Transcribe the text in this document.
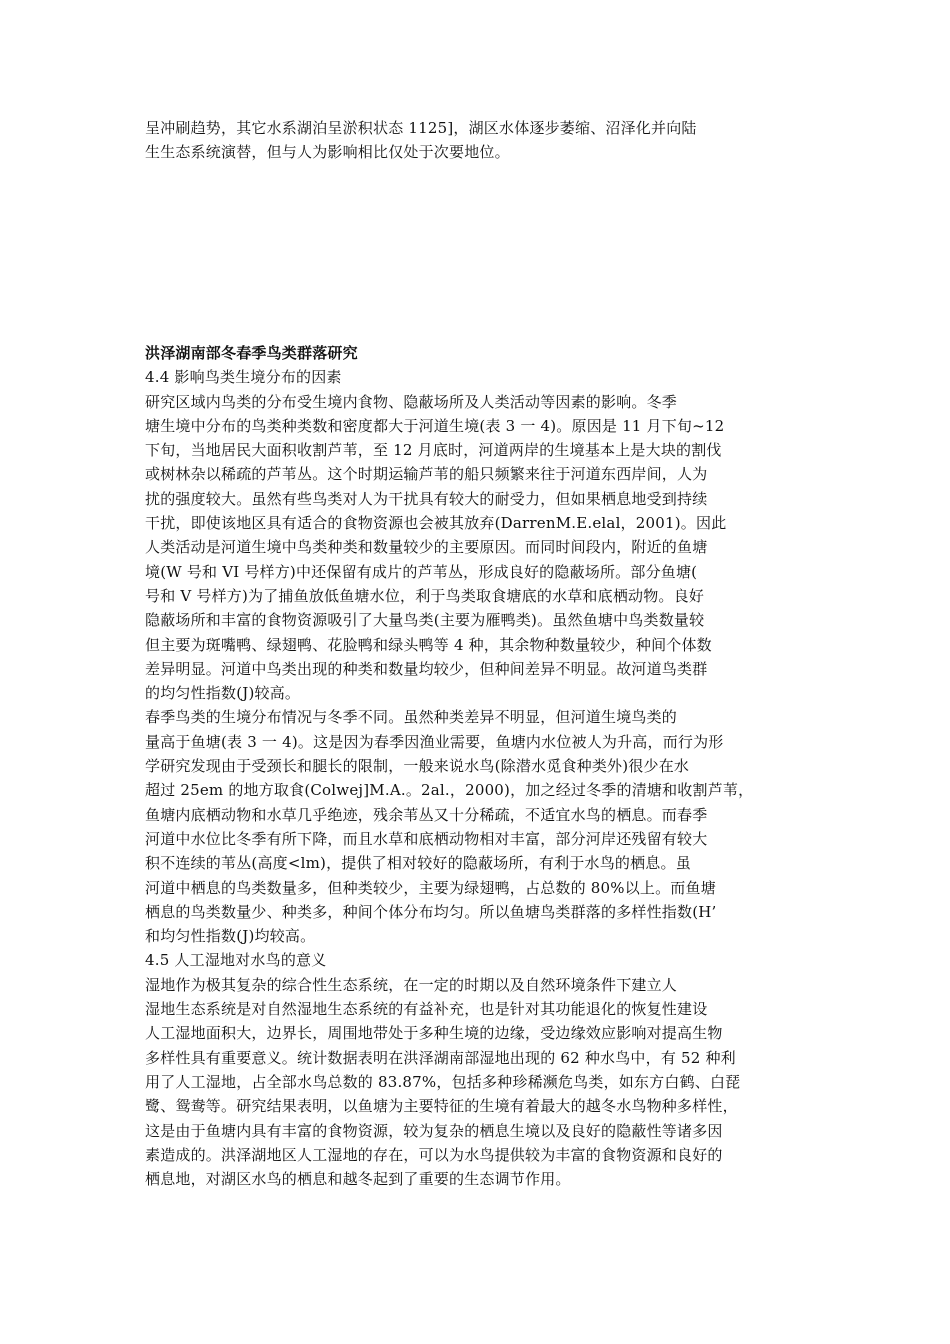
呈冲刷趋势，其它水系湖泊呈淤积状态 1125]，湖区水体逐步萎缩、沼泽化并向陆
生生态系统演替，但与人为影响相比仅处于次要地位。
洪泽湖南部冬春季鸟类群落研究
4.4 影响鸟类生境分布的因素
研究区域内鸟类的分布受生境内食物、隐蔽场所及人类活动等因素的影响。冬季
塘生境中分布的鸟类种类数和密度都大于河道生境(表 3 一 4)。原因是 11 月下旬~12
下旬，当地居民大面积收割芦苇，至 12 月底时，河道两岸的生境基本上是大块的割伐
或树林杂以稀疏的芦苇丛。这个时期运输芦苇的船只频繁来往于河道东西岸间，人为
扰的强度较大。虽然有些鸟类对人为干扰具有较大的耐受力，但如果栖息地受到持续
干扰，即使该地区具有适合的食物资源也会被其放弃(DarrenM.E.elal，2001)。因此
人类活动是河道生境中鸟类种类和数量较少的主要原因。而同时间段内，附近的鱼塘
境(W 号和 VI 号样方)中还保留有成片的芦苇丛，形成良好的隐蔽场所。部分鱼塘(
号和 V 号样方)为了捕鱼放低鱼塘水位，利于鸟类取食塘底的水草和底栖动物。良好
隐蔽场所和丰富的食物资源吸引了大量鸟类(主要为雁鸭类)。虽然鱼塘中鸟类数量较
但主要为斑嘴鸭、绿翅鸭、花脸鸭和绿头鸭等 4 种，其余物种数量较少，种间个体数
差异明显。河道中鸟类出现的种类和数量均较少，但种间差异不明显。故河道鸟类群
的均匀性指数(J)较高。
春季鸟类的生境分布情况与冬季不同。虽然种类差异不明显，但河道生境鸟类的
量高于鱼塘(表 3 一 4)。这是因为春季因渔业需要，鱼塘内水位被人为升高，而行为形
学研究发现由于受颈长和腿长的限制，一般来说水鸟(除潜水觅食种类外)很少在水
超过 25em 的地方取食(Colwej]M.A.。2al.，2000)，加之经过冬季的清塘和收割芦苇，
鱼塘内底栖动物和水草几乎绝迹，残余苇丛又十分稀疏，不适宜水鸟的栖息。而春季
河道中水位比冬季有所下降，而且水草和底栖动物相对丰富，部分河岸还残留有较大
积不连续的苇丛(高度<lm)，提供了相对较好的隐蔽场所，有利于水鸟的栖息。虽
河道中栖息的鸟类数量多，但种类较少，主要为绿翅鸭，占总数的 80%以上。而鱼塘
栖息的鸟类数量少、种类多，种间个体分布均匀。所以鱼塘鸟类群落的多样性指数(H’
和均匀性指数(J)均较高。
4.5 人工湿地对水鸟的意义
湿地作为极其复杂的综合性生态系统，在一定的时期以及自然环境条件下建立人
湿地生态系统是对自然湿地生态系统的有益补充，也是针对其功能退化的恢复性建设
人工湿地面积大，边界长，周围地带处于多种生境的边缘，受边缘效应影响对提高生物
多样性具有重要意义。统计数据表明在洪泽湖南部湿地出现的 62 种水鸟中，有 52 种利
用了人工湿地，占全部水鸟总数的 83.87%，包括多种珍稀濒危鸟类，如东方白鹤、白琵
鹭、鸳鸯等。研究结果表明，以鱼塘为主要特征的生境有着最大的越冬水鸟物种多样性，
这是由于鱼塘内具有丰富的食物资源，较为复杂的栖息生境以及良好的隐蔽性等诸多因
素造成的。洪泽湖地区人工湿地的存在，可以为水鸟提供较为丰富的食物资源和良好的
栖息地，对湖区水鸟的栖息和越冬起到了重要的生态调节作用。
